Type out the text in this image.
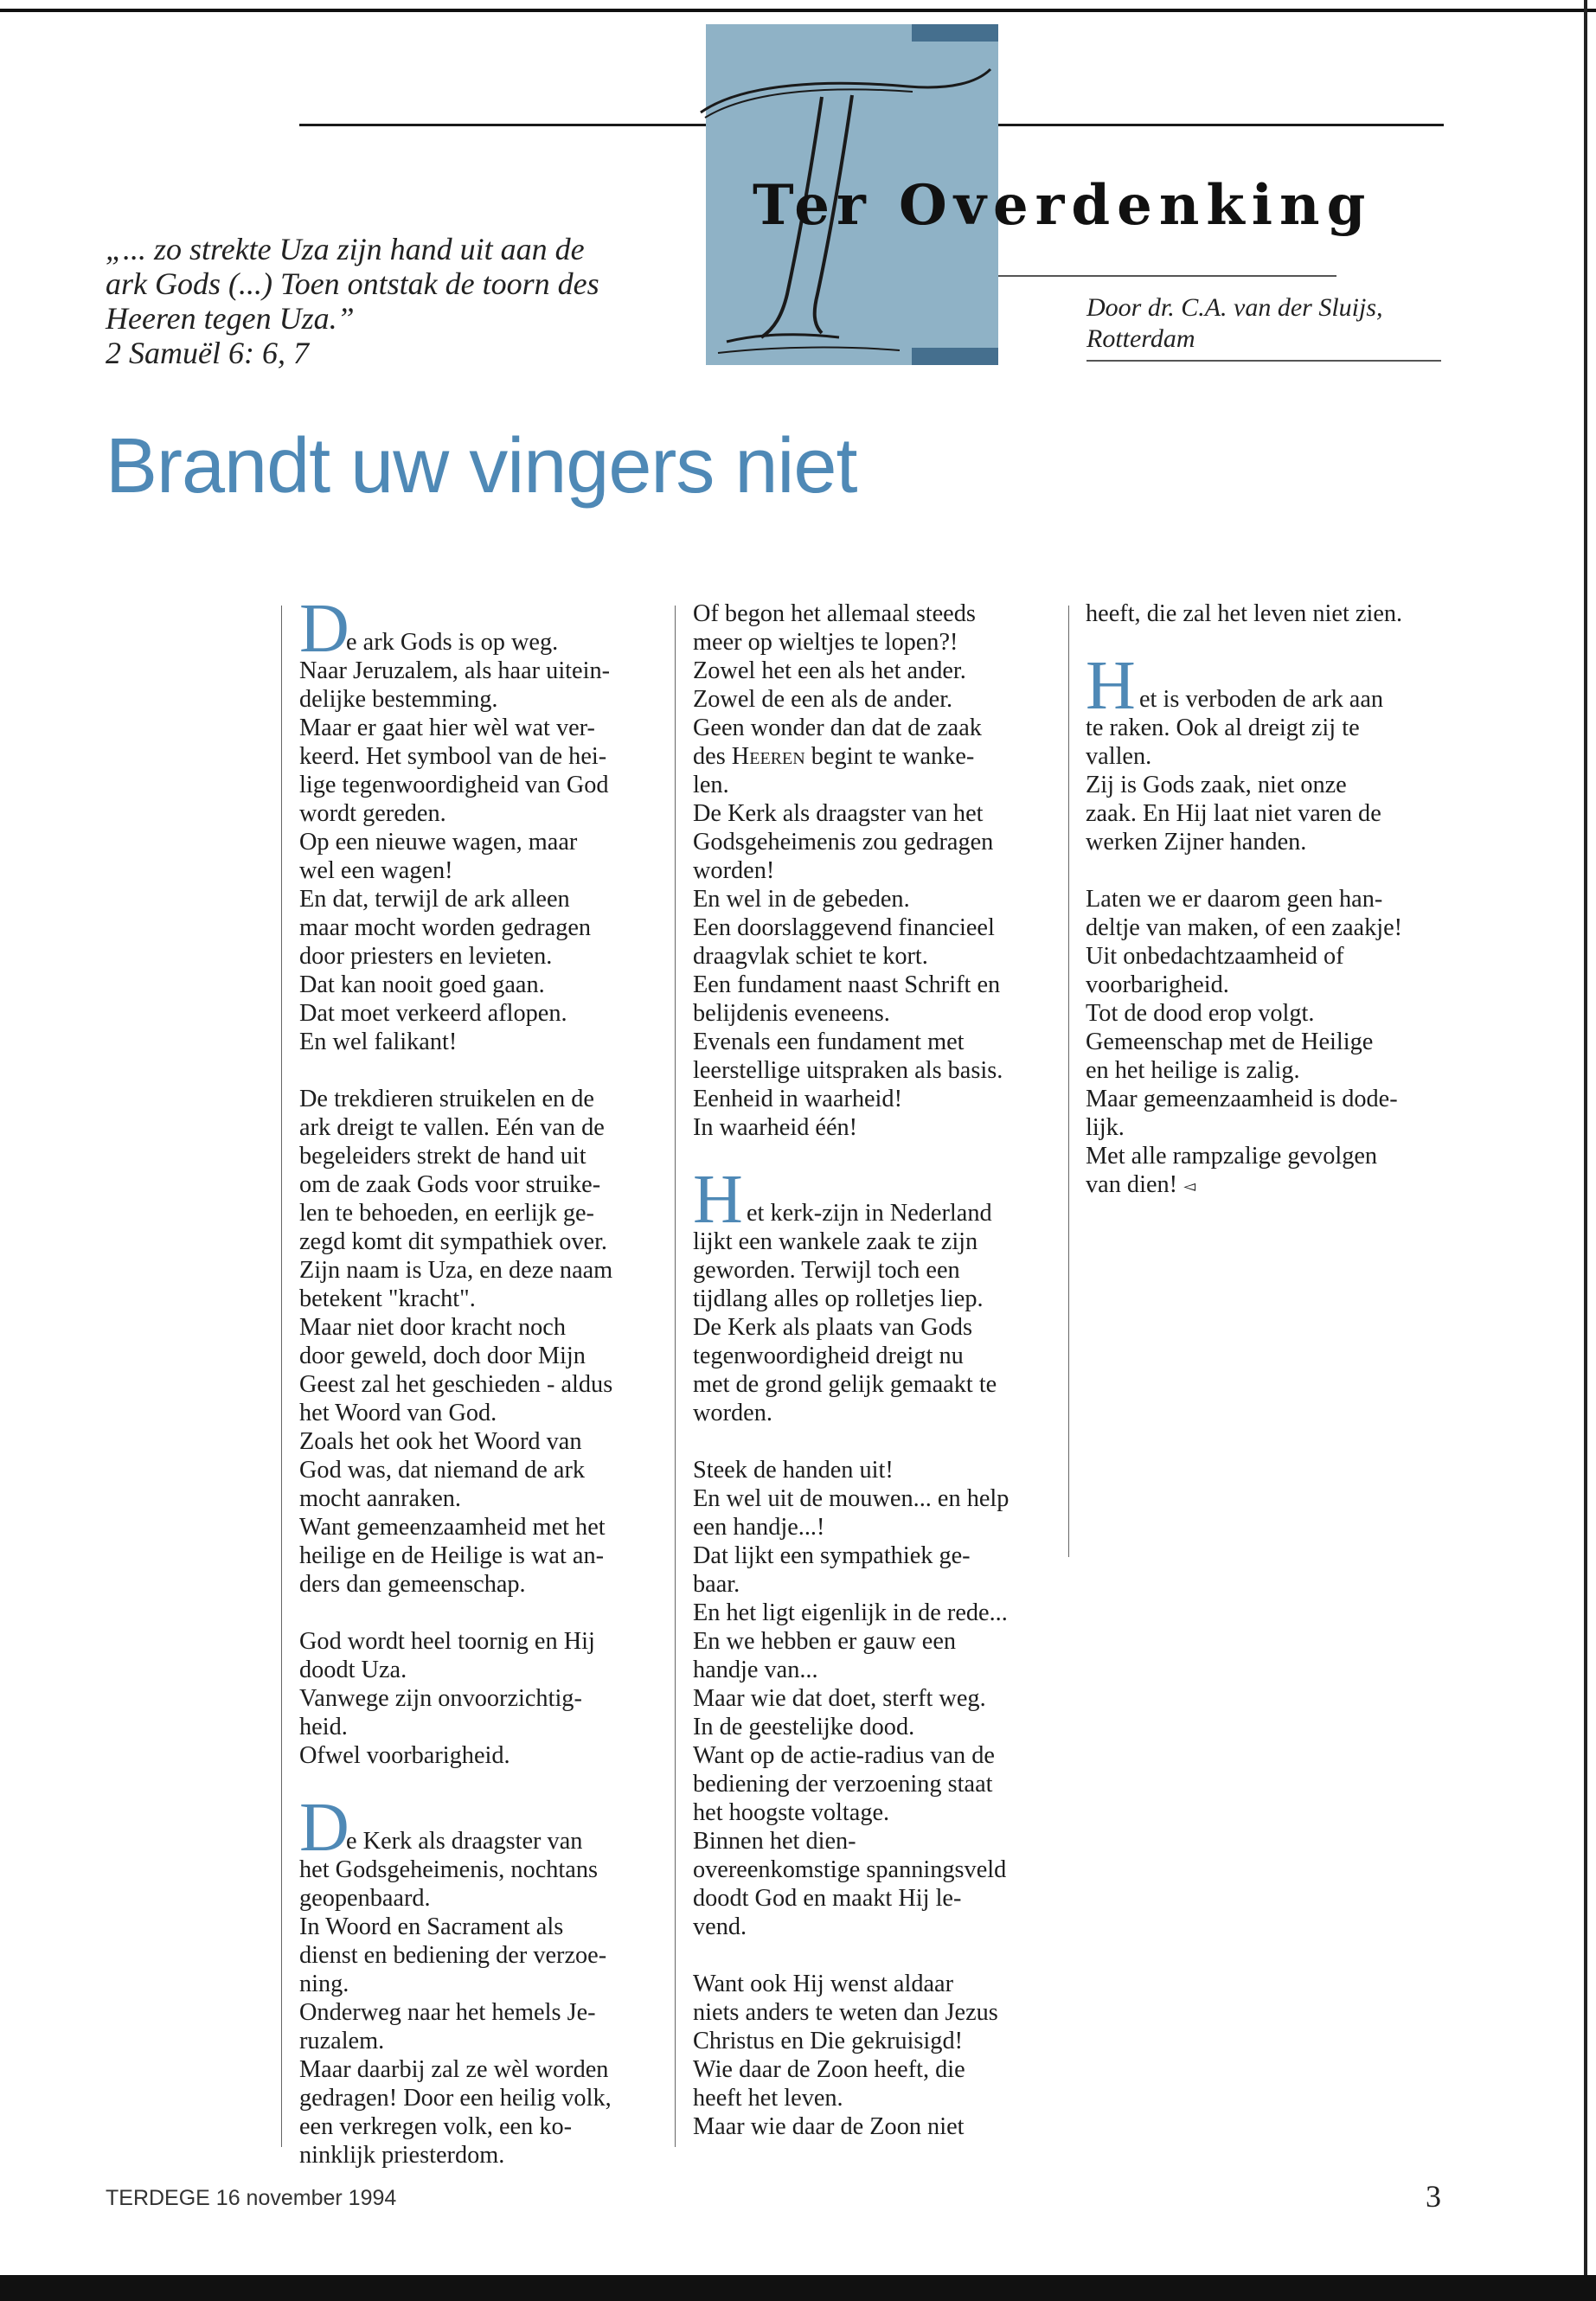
Ter Overdenking

Door dr. C.A. van der Sluijs,

Rotterdam

„... zo strekte Uza zijn hand uit aan de

ark Gods (...) Toen ontstak de toorn des

Heeren tegen Uza.”

2 Samuël 6: 6, 7

Brandt uw vingers niet
D
e ark Gods is op weg.
Naar Jeruzalem, als haar uitein-
delijke bestemming.
Maar er gaat hier wèl wat ver-
keerd. Het symbool van de hei-
lige tegenwoordigheid van God
wordt gereden.
Op een nieuwe wagen, maar
wel een wagen!
En dat, terwijl de ark alleen
maar mocht worden gedragen
door priesters en levieten.
Dat kan nooit goed gaan.
Dat moet verkeerd aflopen.
En wel falikant!
De trekdieren struikelen en de
ark dreigt te vallen. Eén van de
begeleiders strekt de hand uit
om de zaak Gods voor struike-
len te behoeden, en eerlijk ge-
zegd komt dit sympathiek over.
Zijn naam is Uza, en deze naam
betekent "kracht".
Maar niet door kracht noch
door geweld, doch door Mijn
Geest zal het geschieden - aldus
het Woord van God.
Zoals het ook het Woord van
God was, dat niemand de ark
mocht aanraken.
Want gemeenzaamheid met het
heilige en de Heilige is wat an-
ders dan gemeenschap.
God wordt heel toornig en Hij
doodt Uza.
Vanwege zijn onvoorzichtig-
heid.
Ofwel voorbarigheid.
D
e Kerk als draagster van
het Godsgeheimenis, nochtans
geopenbaard.
In Woord en Sacrament als
dienst en bediening der verzoe-
ning.
Onderweg naar het hemels Je-
ruzalem.
Maar daarbij zal ze wèl worden
gedragen! Door een heilig volk,
een verkregen volk, een ko-
ninklijk priesterdom.
Of begon het allemaal steeds
meer op wieltjes te lopen?!
Zowel het een als het ander.
Zowel de een als de ander.
Geen wonder dan dat de zaak
des Heeren begint te wanke-
len.
De Kerk als draagster van het
Godsgeheimenis zou gedragen
worden!
En wel in de gebeden.
Een doorslaggevend financieel
draagvlak schiet te kort.
Een fundament naast Schrift en
belijdenis eveneens.
Evenals een fundament met
leerstellige uitspraken als basis.
Eenheid in waarheid!
In waarheid één!
H et kerk-zijn in Nederland
lijkt een wankele zaak te zijn
geworden. Terwijl toch een
tijdlang alles op rolletjes liep.
De Kerk als plaats van Gods
tegenwoordigheid dreigt nu
met de grond gelijk gemaakt te
worden.
Steek de handen uit!
En wel uit de mouwen... en help
een handje...!
Dat lijkt een sympathiek ge-
baar.
En het ligt eigenlijk in de rede...
En we hebben er gauw een
handje van...
Maar wie dat doet, sterft weg.
In de geestelijke dood.
Want op de actie-radius van de
bediening der verzoening staat
het hoogste voltage.
Binnen het dien-
overeenkomstige spanningsveld
doodt God en maakt Hij le-
vend.
Want ook Hij wenst aldaar
niets anders te weten dan Jezus
Christus en Die gekruisigd!
Wie daar de Zoon heeft, die
heeft het leven.
Maar wie daar de Zoon niet
heeft, die zal het leven niet zien.
H et is verboden de ark aan
te raken. Ook al dreigt zij te
vallen.
Zij is Gods zaak, niet onze
zaak. En Hij laat niet varen de
werken Zijner handen.
Laten we er daarom geen han-
deltje van maken, of een zaakje!
Uit onbedachtzaamheid of
voorbarigheid.
Tot de dood erop volgt.
Gemeenschap met de Heilige
en het heilige is zalig.
Maar gemeenzaamheid is dode-
lijk.
Met alle rampzalige gevolgen
van dien! ◅
TERDEGE 16 november 1994	3
